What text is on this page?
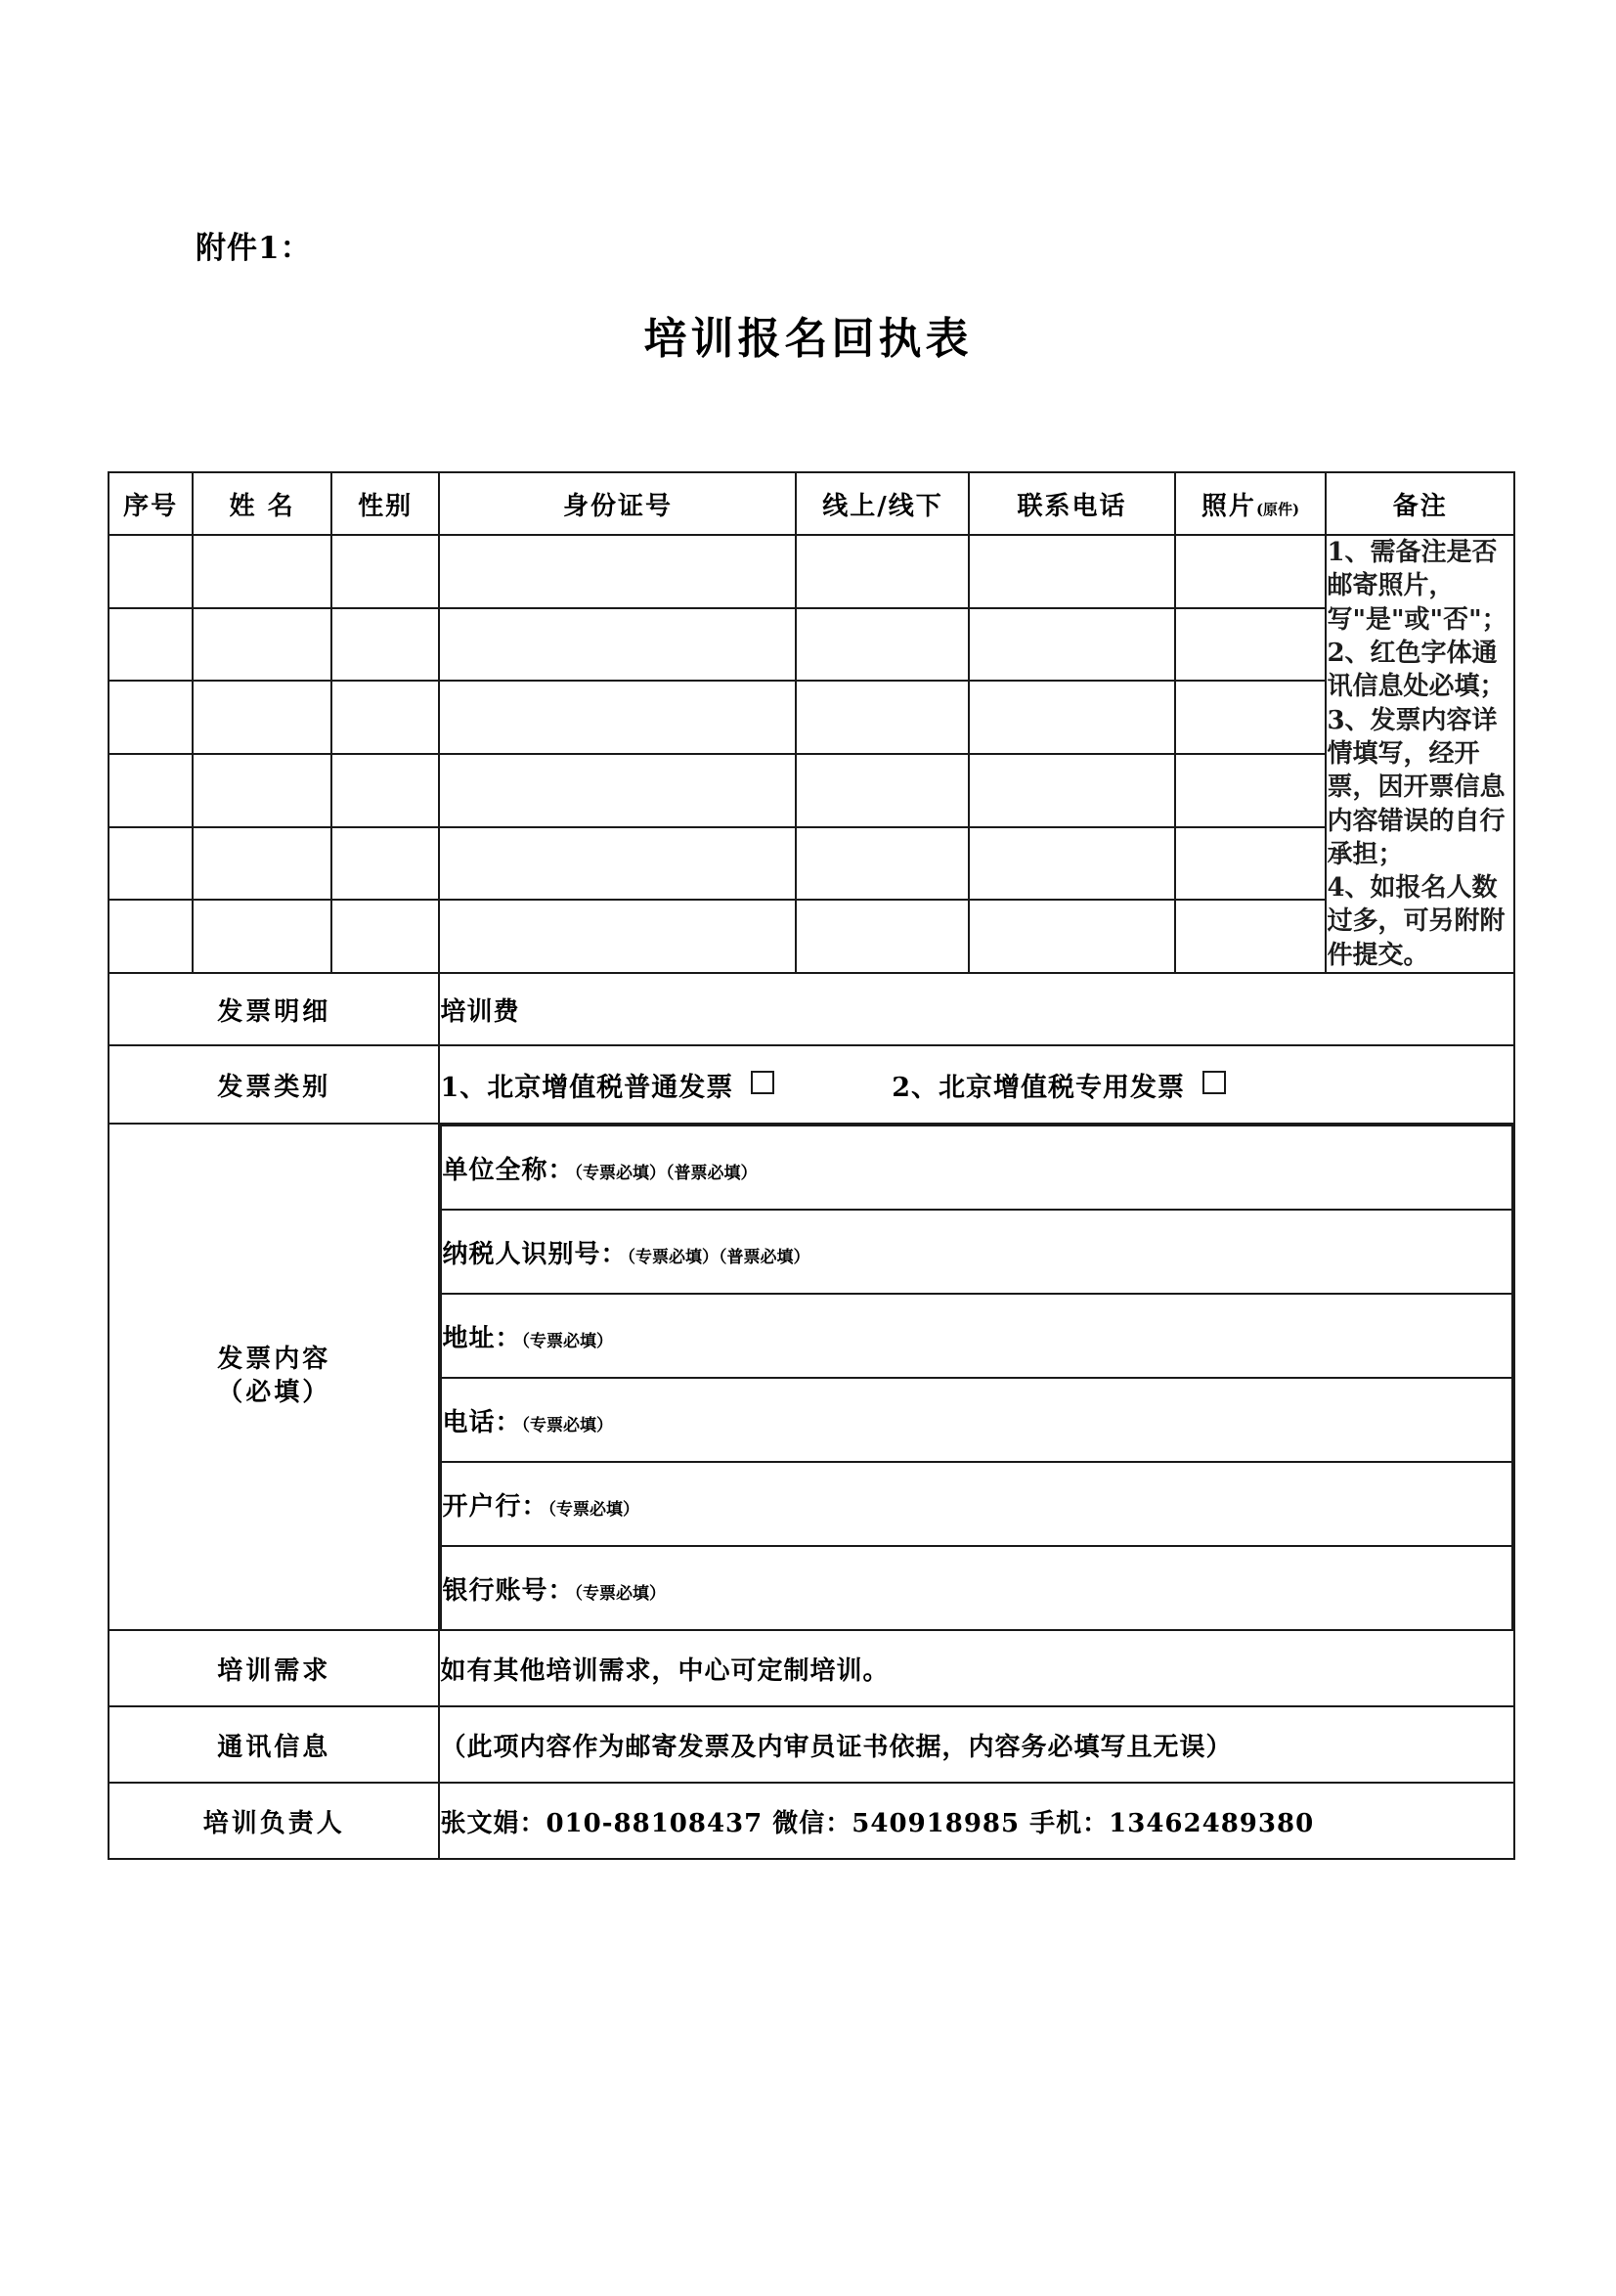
附件1：
培训报名回执表
序号	姓 名	性别	身份证号	线上/线下	联系电话	照片(原件)	备注

1、需备注是否邮寄照片，写"是"或"否"；
2、红色字体通讯信息处必填；
3、发票内容详情填写，经开票，因开票信息内容错误的自行承担；
4、如报名人数过多，可另附附件提交。

发票明细	培训费
发票类别	1、北京增值税普通发票	2、北京增值税专用发票

发票内容
（必填）

单位全称：（专票必填）（普票必填）
纳税人识别号：（专票必填）（普票必填）
地址：（专票必填）
电话：（专票必填）
开户行：（专票必填）
银行账号：（专票必填）

培训需求	如有其他培训需求，中心可定制培训。
通讯信息	（此项内容作为邮寄发票及内审员证书依据，内容务必填写且无误）
培训负责人	张文娟：010-88108437 微信：540918985 手机：13462489380
